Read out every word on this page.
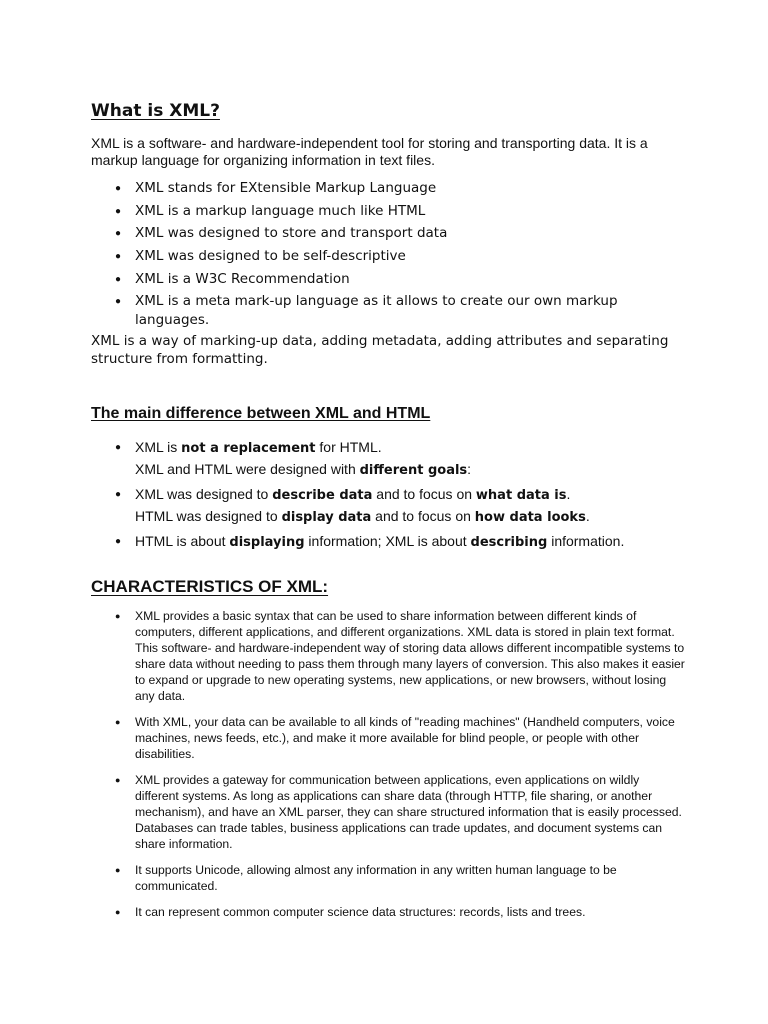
What is XML?

XML is a software- and hardware-independent tool for storing and transporting data. It is a markup language for organizing information in text files.

● XML stands for EXtensible Markup Language
● XML is a markup language much like HTML
● XML was designed to store and transport data
● XML was designed to be self-descriptive
● XML is a W3C Recommendation
● XML is a meta mark-up language as it allows to create our own markup languages.

XML is a way of marking-up data, adding metadata, adding attributes and separating structure from formatting.

The main difference between XML and HTML
● XML is not a replacement for HTML.
XML and HTML were designed with different goals:
● XML was designed to describe data and to focus on what data is.
HTML was designed to display data and to focus on how data looks.
● HTML is about displaying information; XML is about describing information.
CHARACTERISTICS OF XML:
● XML provides a basic syntax that can be used to share information between different kinds of computers, different applications, and different organizations. XML data is stored in plain text format. This software- and hardware-independent way of storing data allows different incompatible systems to share data without needing to pass them through many layers of conversion. This also makes it easier to expand or upgrade to new operating systems, new applications, or new browsers, without losing any data.
● With XML, your data can be available to all kinds of "reading machines" (Handheld computers, voice machines, news feeds, etc.), and make it more available for blind people, or people with other disabilities.
● XML provides a gateway for communication between applications, even applications on wildly different systems. As long as applications can share data (through HTTP, file sharing, or another mechanism), and have an XML parser, they can share structured information that is easily processed. Databases can trade tables, business applications can trade updates, and document systems can share information.
● It supports Unicode, allowing almost any information in any written human language to be communicated.
● It can represent common computer science data structures: records, lists and trees.
